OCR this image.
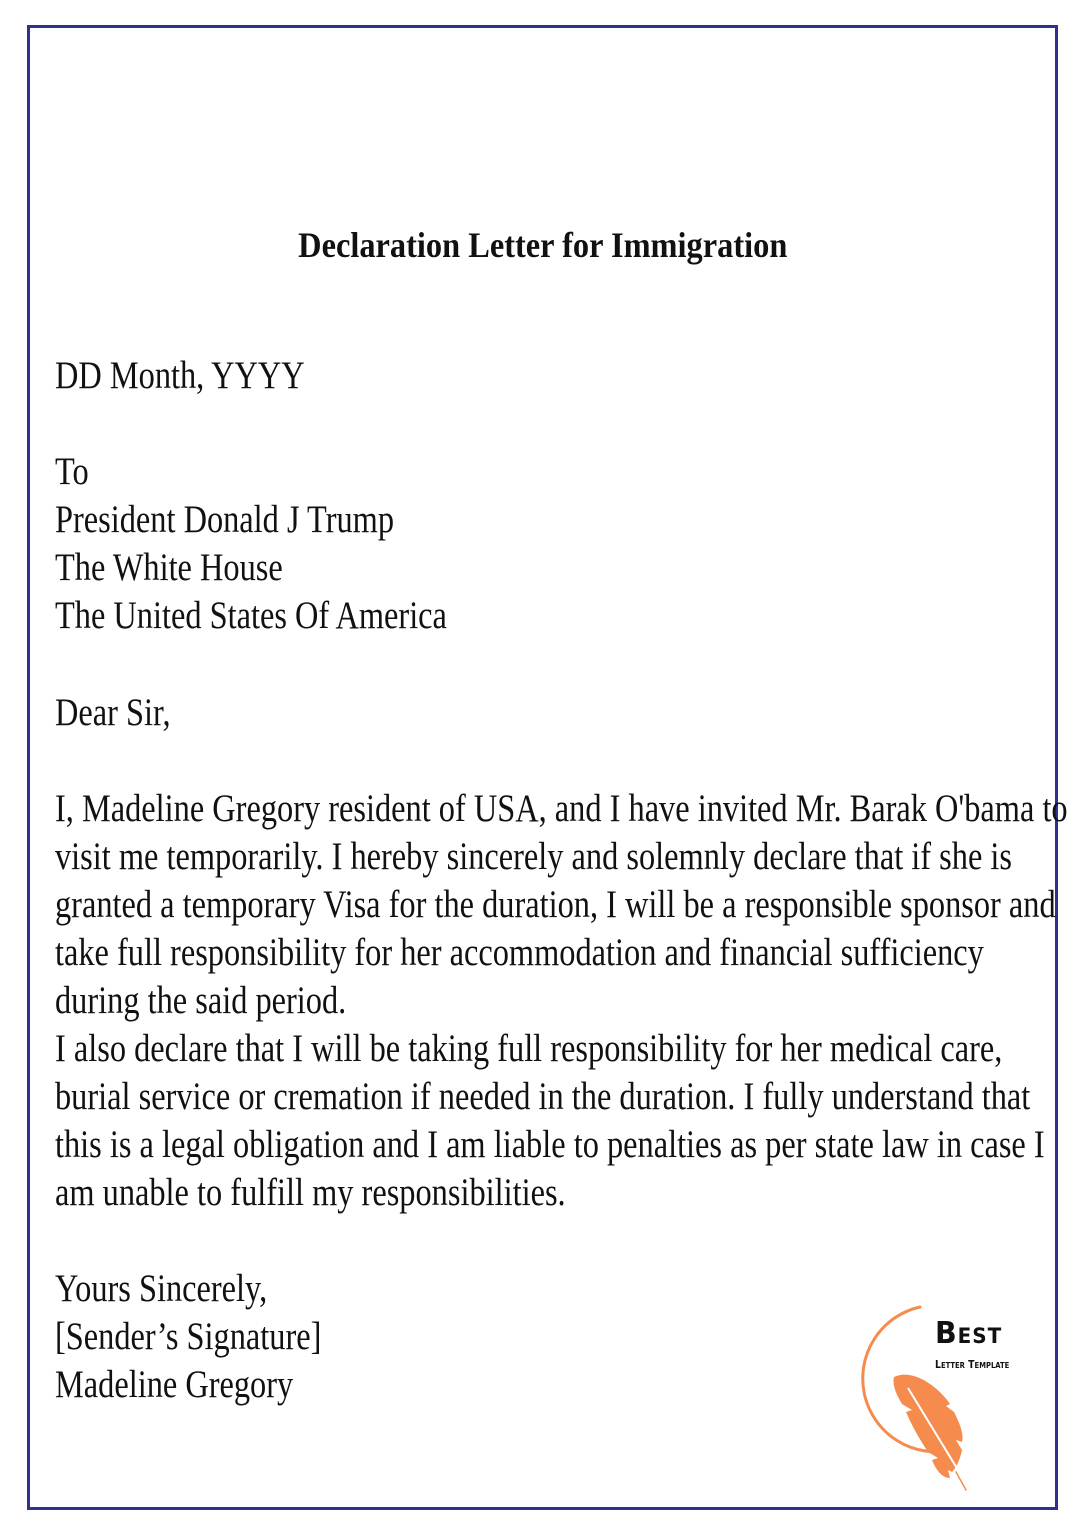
Declaration Letter for Immigration
DD Month, YYYY
To
President Donald J Trump
The White House
The United States Of America
Dear Sir,
I, Madeline Gregory resident of USA, and I have invited Mr. Barak O'bama to
visit me temporarily. I hereby sincerely and solemnly declare that if she is
granted a temporary Visa for the duration, I will be a responsible sponsor and
take full responsibility for her accommodation and financial sufficiency
during the said period.
I also declare that I will be taking full responsibility for her medical care,
burial service or cremation if needed in the duration. I fully understand that
this is a legal obligation and I am liable to penalties as per state law in case I
am unable to fulfill my responsibilities.
Yours Sincerely,
[Sender’s Signature]
Madeline Gregory
Best
Letter Template
